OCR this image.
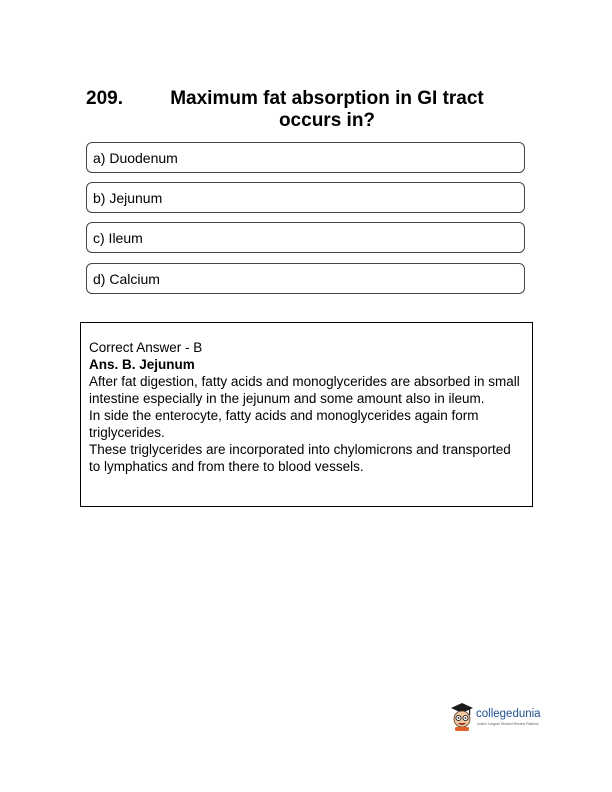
209.	Maximum fat absorption in GI tract occurs in?
a) Duodenum
b) Jejunum
c) Ileum
d) Calcium

Correct Answer - B

Ans. B. Jejunum

After fat digestion, fatty acids and monoglycerides are absorbed in small intestine especially in the jejunum and some amount also in ileum.

In side the enterocyte, fatty acids and monoglycerides again form triglycerides.

These triglycerides are incorporated into chylomicrons and transported to lymphatics and from there to blood vessels.

collegedunia
India's Largest Student Review Platform
